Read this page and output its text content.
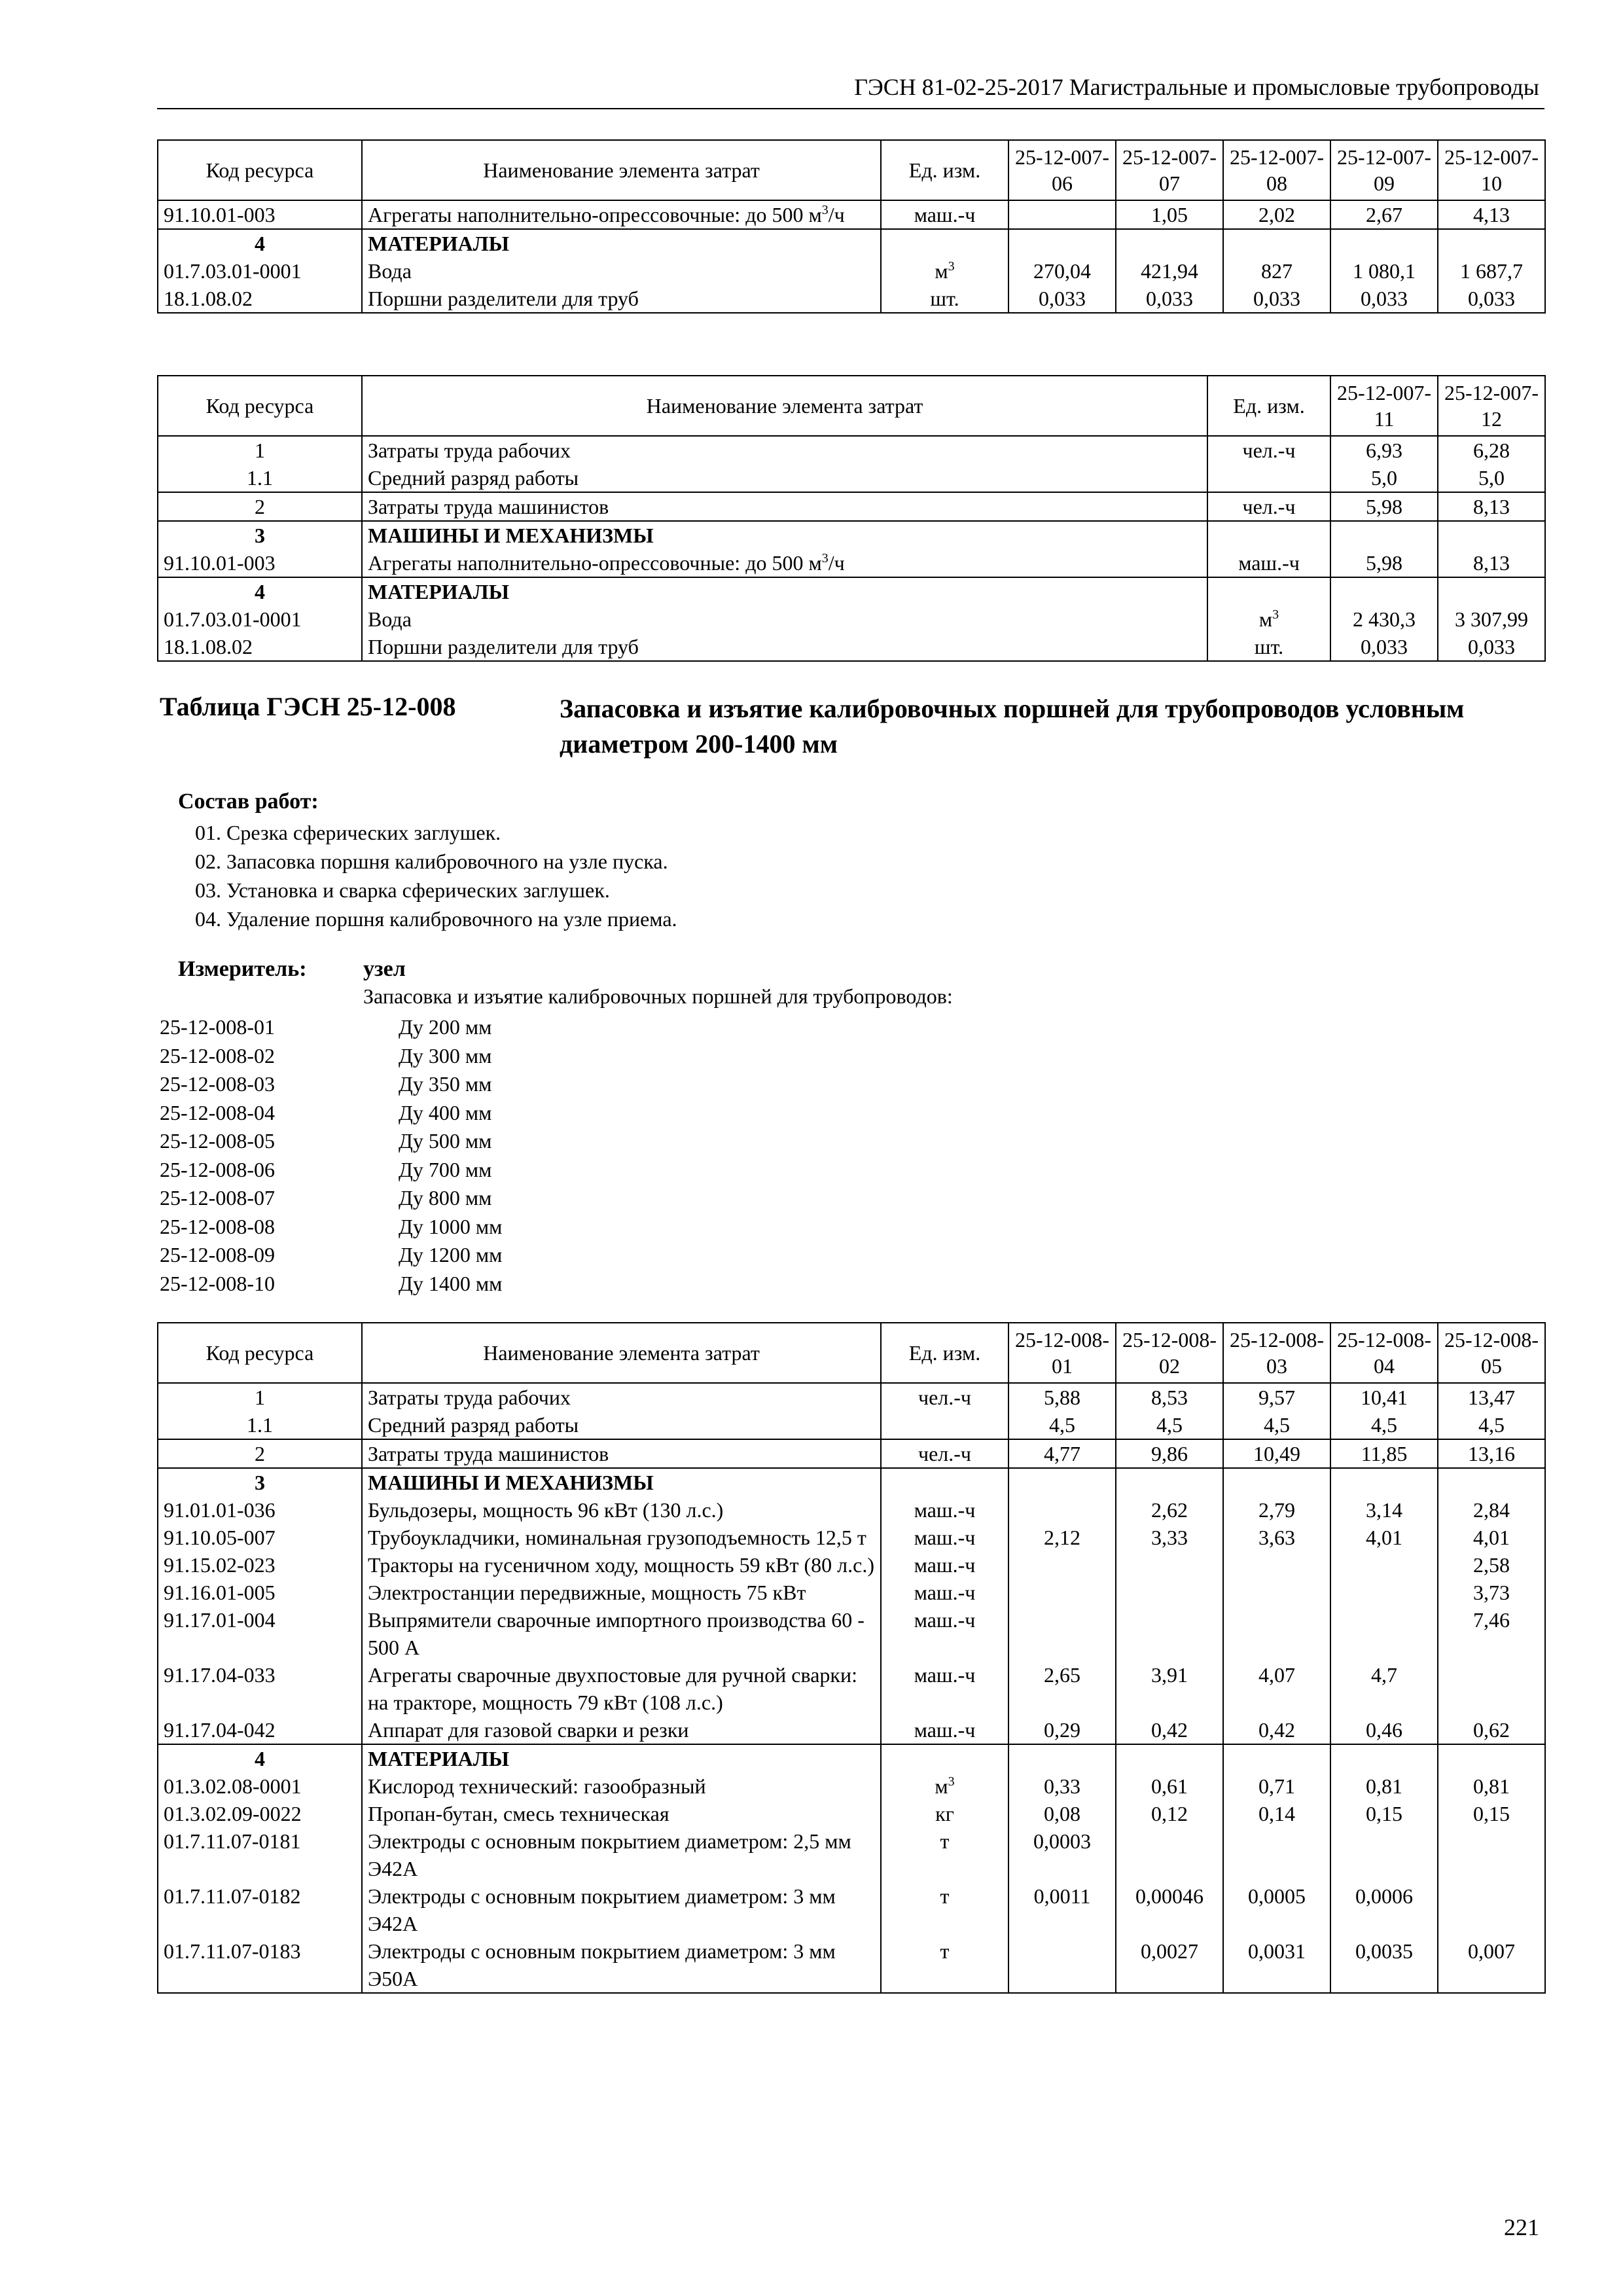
ГЭСН 81-02-25-2017 Магистральные и промысловые трубопроводы
Код ресурса	Наименование элемента затрат	Ед. изм.	25-12-007-06	25-12-007-07	25-12-007-08	25-12-007-09	25-12-007-10
91.10.01-003	Агрегаты наполнительно-опрессовочные: до 500 $м^3/ч$	маш.-ч		1,05	2,02	2,67	4,13
4	МАТЕРИАЛЫ						
01.7.03.01-0001	Вода	$м^3$	270,04	421,94	827	1 080,1	1 687,7
18.1.08.02	Поршни разделители для труб	шт.	0,033	0,033	0,033	0,033	0,033
Код ресурса	Наименование элемента затрат	Ед. изм.	25-12-007-11	25-12-007-12
1	Затраты труда рабочих	чел.-ч	6,93	6,28
1.1	Средний разряд работы		5,0	5,0
2	Затраты труда машинистов	чел.-ч	5,98	8,13
3	МАШИНЫ И МЕХАНИЗМЫ			
91.10.01-003	Агрегаты наполнительно-опрессовочные: до 500 $м^3/ч$	маш.-ч	5,98	8,13
4	МАТЕРИАЛЫ			
01.7.03.01-0001	Вода	$м^3$	2 430,3	3 307,99
18.1.08.02	Поршни разделители для труб	шт.	0,033	0,033
Таблица ГЭСН 25-12-008	Запасовка и изъятие калибровочных поршней для трубопроводов условным диаметром 200-1400 мм
Состав работ:
01. Срезка сферических заглушек.
02. Запасовка поршня калибровочного на узле пуска.
03. Установка и сварка сферических заглушек.
04. Удаление поршня калибровочного на узле приема.
Измеритель:	узел
Запасовка и изъятие калибровочных поршней для трубопроводов:
25-12-008-01	Ду 200 мм
25-12-008-02	Ду 300 мм
25-12-008-03	Ду 350 мм
25-12-008-04	Ду 400 мм
25-12-008-05	Ду 500 мм
25-12-008-06	Ду 700 мм
25-12-008-07	Ду 800 мм
25-12-008-08	Ду 1000 мм
25-12-008-09	Ду 1200 мм
25-12-008-10	Ду 1400 мм
Код ресурса	Наименование элемента затрат	Ед. изм.	25-12-008-01	25-12-008-02	25-12-008-03	25-12-008-04	25-12-008-05
1	Затраты труда рабочих	чел.-ч	5,88	8,53	9,57	10,41	13,47
1.1	Средний разряд работы		4,5	4,5	4,5	4,5	4,5
2	Затраты труда машинистов	чел.-ч	4,77	9,86	10,49	11,85	13,16
3	МАШИНЫ И МЕХАНИЗМЫ						
91.01.01-036	Бульдозеры, мощность 96 кВт (130 л.с.)	маш.-ч		2,62	2,79	3,14	2,84
91.10.05-007	Трубоукладчики, номинальная грузоподъемность 12,5 т	маш.-ч	2,12	3,33	3,63	4,01	4,01
91.15.02-023	Тракторы на гусеничном ходу, мощность 59 кВт (80 л.с.)	маш.-ч					2,58
91.16.01-005	Электростанции передвижные, мощность 75 кВт	маш.-ч					3,73
91.17.01-004	Выпрямители сварочные импортного производства 60 - 500 А	маш.-ч					7,46
91.17.04-033	Агрегаты сварочные двухпостовые для ручной сварки: на тракторе, мощность 79 кВт (108 л.с.)	маш.-ч	2,65	3,91	4,07	4,7	
91.17.04-042	Аппарат для газовой сварки и резки	маш.-ч	0,29	0,42	0,42	0,46	0,62
4	МАТЕРИАЛЫ						
01.3.02.08-0001	Кислород технический: газообразный	$м^3$	0,33	0,61	0,71	0,81	0,81
01.3.02.09-0022	Пропан-бутан, смесь техническая	кг	0,08	0,12	0,14	0,15	0,15
01.7.11.07-0181	Электроды с основным покрытием диаметром: 2,5 мм Э42А	т	0,0003				
01.7.11.07-0182	Электроды с основным покрытием диаметром: 3 мм Э42А	т	0,0011	0,00046	0,0005	0,0006	
01.7.11.07-0183	Электроды с основным покрытием диаметром: 3 мм Э50А	т		0,0027	0,0031	0,0035	0,007
221
